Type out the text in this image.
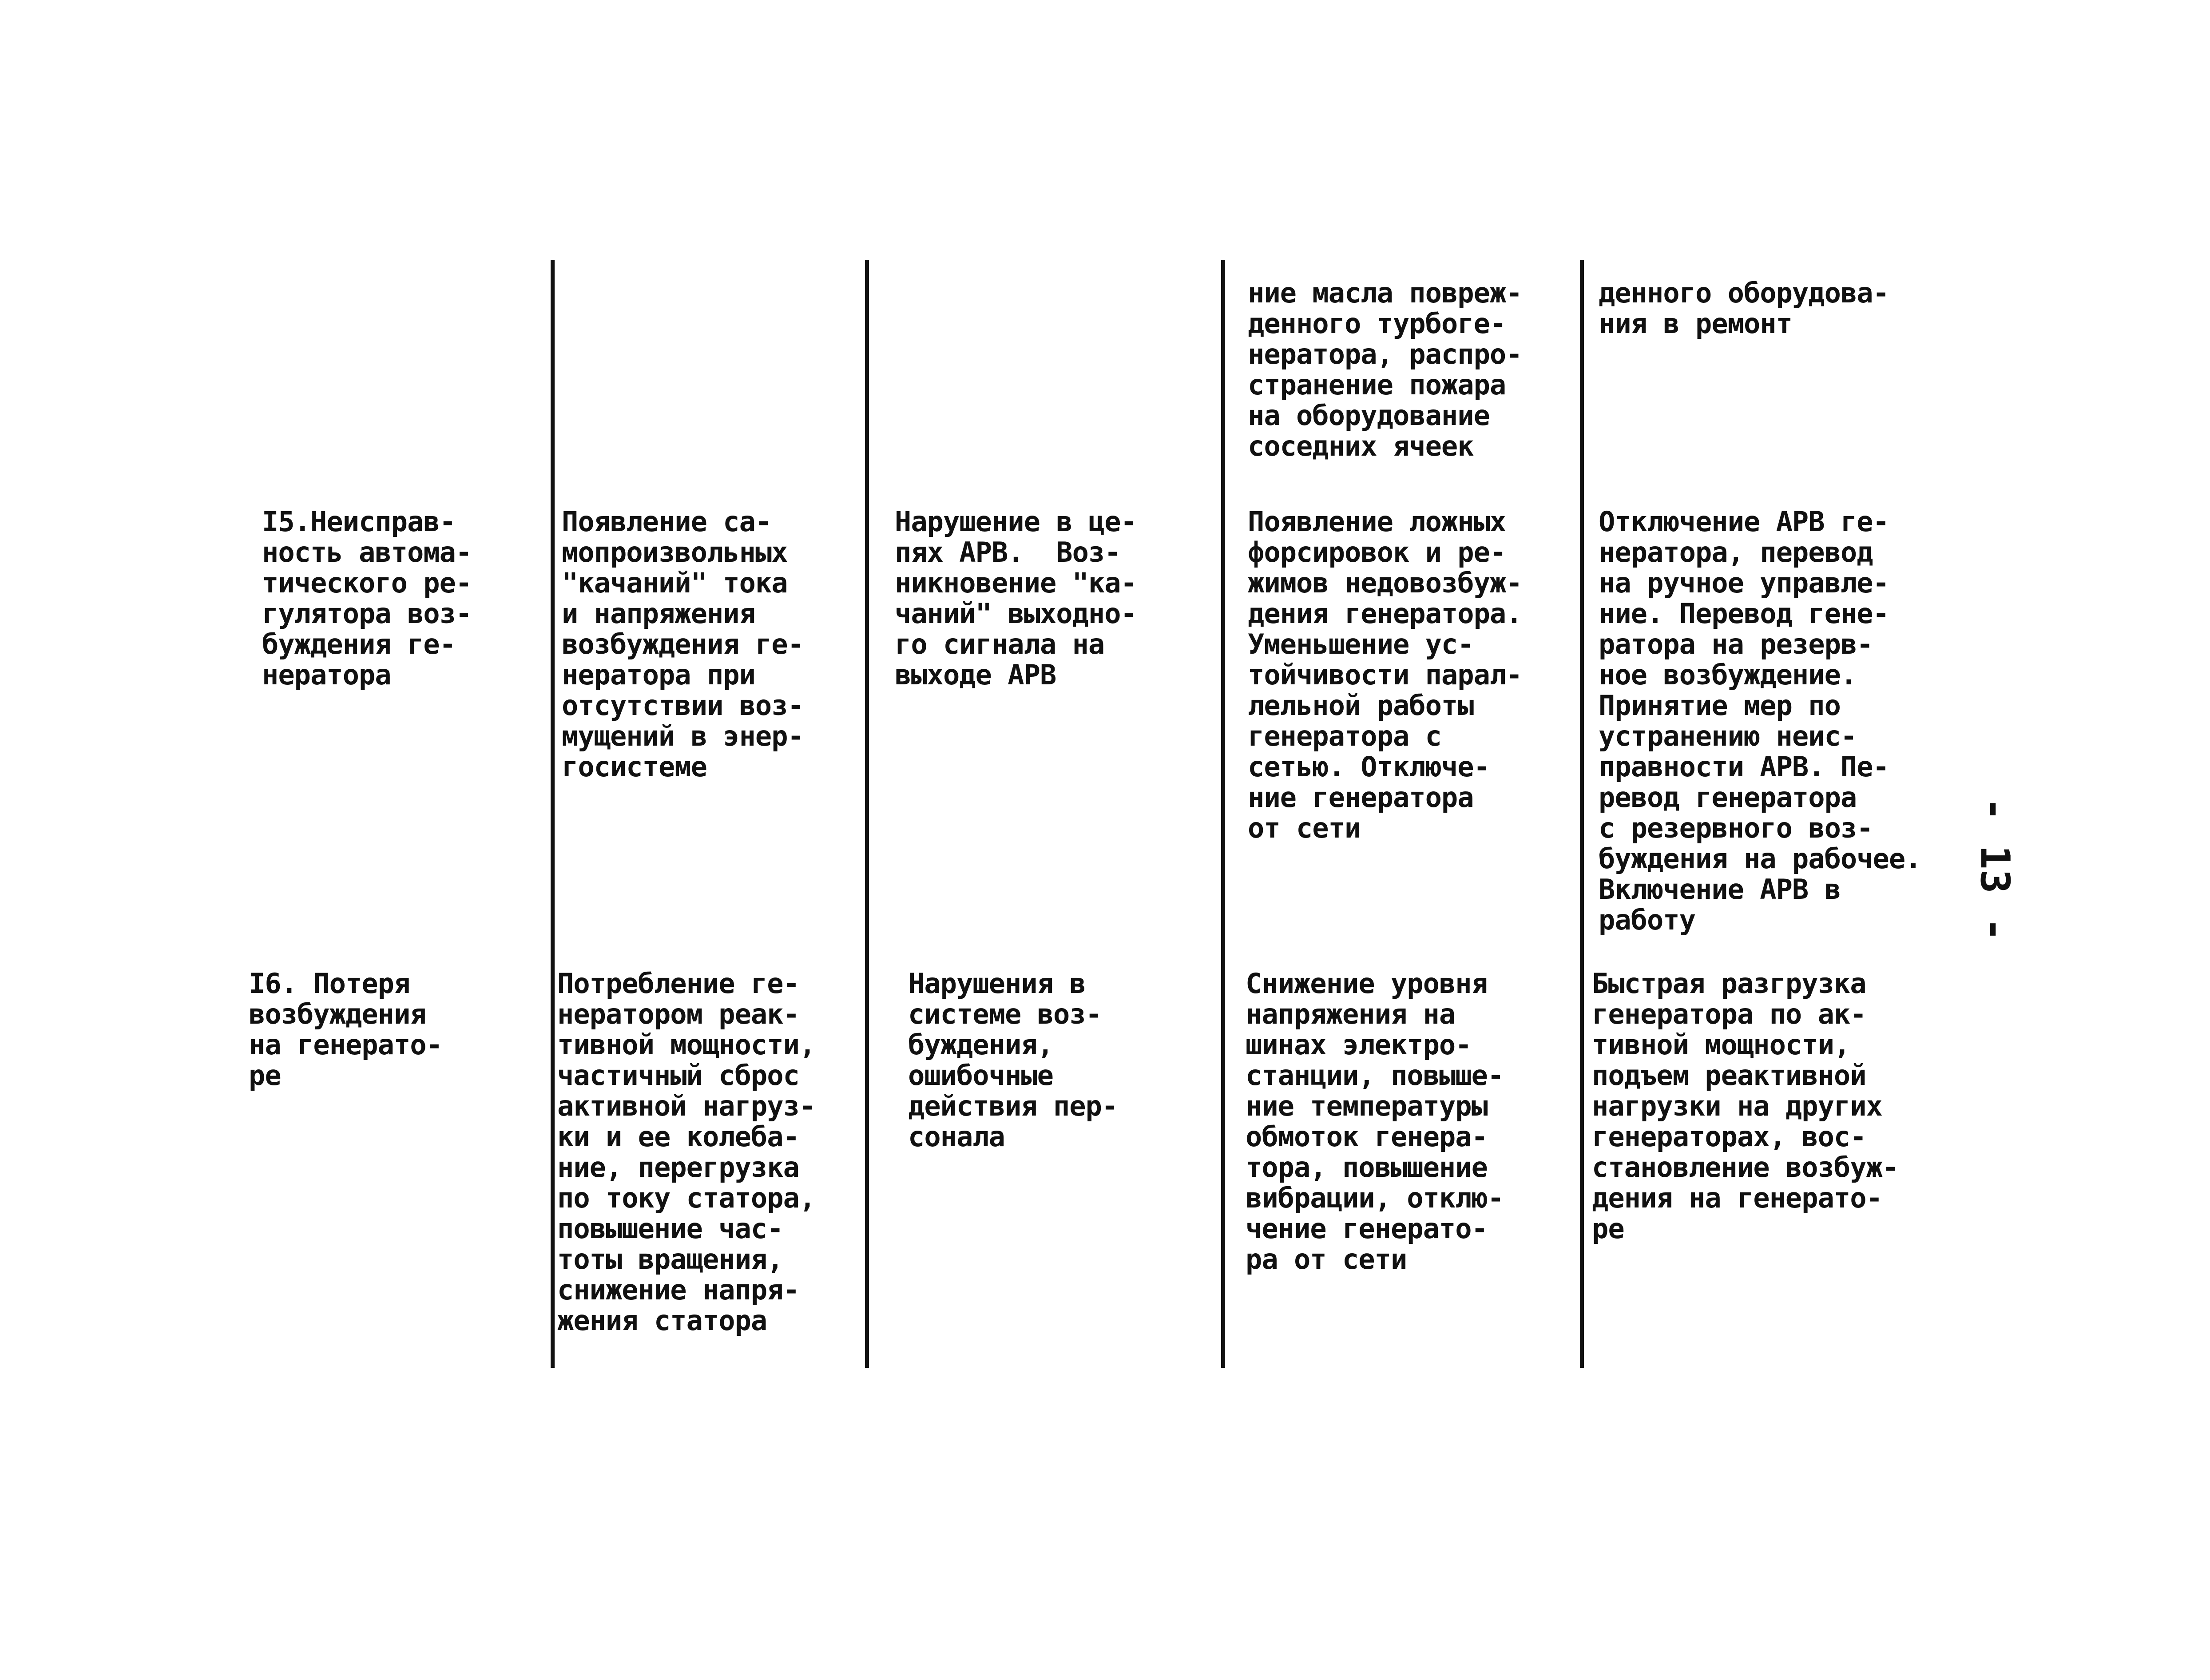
ние масла повреж-
денного турбоге-
нератора, распро-
странение пожара
на оборудование
соседних ячеек
денного оборудова-
ния в ремонт
I5.Неисправ-
ность автома-
тического ре-
гулятора воз-
буждения ге-
нератора
Появление са-
мопроизвольных
"качаний" тока
и напряжения
возбуждения ге-
нератора при
отсутствии воз-
мущений в энер-
госистеме
Нарушение в це-
пях АРВ.  Воз-
никновение "ка-
чаний" выходно-
го сигнала на
выходе АРВ
Появление ложных
форсировок и ре-
жимов недовозбуж-
дения генератора.
Уменьшение ус-
тойчивости парал-
лельной работы
генератора с
сетью. Отключе-
ние генератора
от сети
Отключение АРВ ге-
нератора, перевод
на ручное управле-
ние. Перевод гене-
ратора на резерв-
ное возбуждение.
Принятие мер по
устранению неис-
правности АРВ. Пе-
ревод генератора
с резервного воз-
буждения на рабочее.
Включение АРВ в
работу
I6. Потеря
возбуждения
на генерато-
ре
Потребление ге-
нератором реак-
тивной мощности,
частичный сброс
активной нагруз-
ки и ее колеба-
ние, перегрузка
по току статора,
повышение час-
тоты вращения,
снижение напря-
жения статора
Нарушения в
системе воз-
буждения,
ошибочные
действия пер-
сонала
Снижение уровня
напряжения на
шинах электро-
станции, повыше-
ние температуры
обмоток генера-
тора, повышение
вибрации, отклю-
чение генерато-
ра от сети
Быстрая разгрузка
генератора по ак-
тивной мощности,
подъем реактивной
нагрузки на других
генераторах, вос-
становление возбуж-
дения на генерато-
ре
- 13 -
